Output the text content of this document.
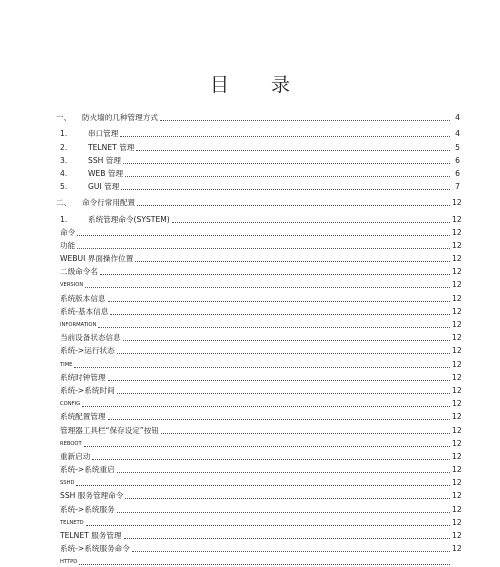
目 录
一、	防火墙的几种管理方式	4
1.	串口管理	4
2.	TELNET 管理	5
3.	SSH 管理	6
4.	WEB 管理	6
5.	GUI 管理	7
二、	命令行常用配置	12
1.	系统管理命令(SYSTEM)	12
命令	12
功能	12
WEBUI 界面操作位置	12
二级命令名	12
VERSION	12
系统版本信息	12
系统-基本信息	12
INFORMATION	12
当前设备状态信息	12
系统->运行状态	12
TIME	12
系统时钟管理	12
系统->系统时间	12
CONFIG	12
系统配置管理	12
管理器工具栏“保存设定”按钮	12
REBOOT	12
重新启动	12
系统->系统重启	12
SSHD	12
SSH 服务管理命令	12
系统->系统服务	12
TELNETD	12
TELNET 服务管理	12
系统->系统服务命令	12
HTTPD
